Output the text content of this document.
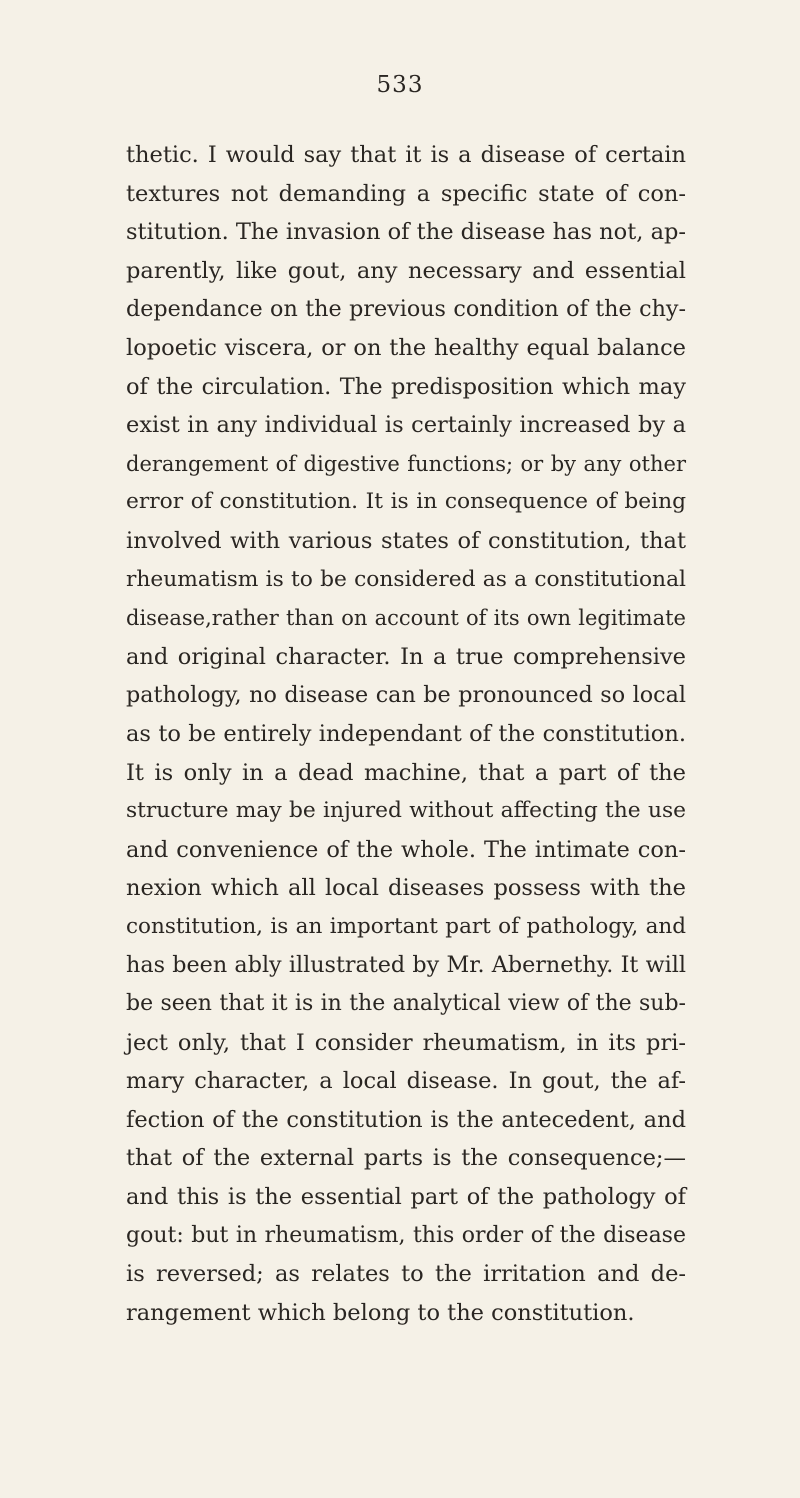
533
thetic. I would say that it is a disease of certain
textures not demanding a specific state of con-
stitution. The invasion of the disease has not, ap-
parently, like gout, any necessary and essential
dependance on the previous condition of the chy-
lopoetic viscera, or on the healthy equal balance
of the circulation. The predisposition which may
exist in any individual is certainly increased by a
derangement of digestive functions; or by any other
error of constitution. It is in consequence of being
involved with various states of constitution, that
rheumatism is to be considered as a constitutional
disease,rather than on account of its own legitimate
and original character. In a true comprehensive
pathology, no disease can be pronounced so local
as to be entirely independant of the constitution.
It is only in a dead machine, that a part of the
structure may be injured without affecting the use
and convenience of the whole. The intimate con-
nexion which all local diseases possess with the
constitution, is an important part of pathology, and
has been ably illustrated by Mr. Abernethy. It will
be seen that it is in the analytical view of the sub-
ject only, that I consider rheumatism, in its pri-
mary character, a local disease. In gout, the af-
fection of the constitution is the antecedent, and
that of the external parts is the consequence;—
and this is the essential part of the pathology of
gout: but in rheumatism, this order of the disease
is reversed; as relates to the irritation and de-
rangement which belong to the constitution.
